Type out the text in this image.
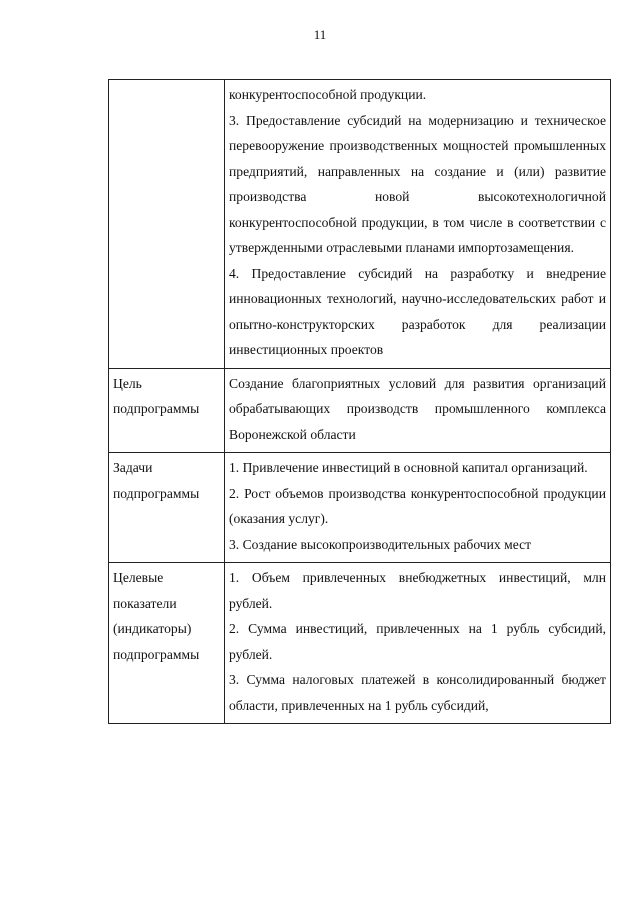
11

	конкурентоспособной продукции.

3. Предоставление субсидий на модернизацию и техническое перевооружение производственных мощностей промышленных предприятий, направленных на создание и (или) развитие производства новой высокотехнологичной конкурентоспособной продукции, в том числе в соответствии с утвержденными отраслевыми планами импортозамещения.

4. Предоставление субсидий на разработку и внедрение инновационных технологий, научно-исследовательских работ и опытно-конструкторских разработок для реализации инвестиционных проектов

Цель подпрограммы	Создание благоприятных условий для развития организаций обрабатывающих производств промышленного комплекса Воронежской области

Задачи подпрограммы	1. Привлечение инвестиций в основной капитал организаций.

2. Рост объемов производства конкурентоспособной продукции (оказания услуг).

3. Создание высокопроизводительных рабочих мест

Целевые показатели (индикаторы) подпрограммы	1. Объем привлеченных внебюджетных инвестиций, млн рублей.

2. Сумма инвестиций, привлеченных на 1 рубль субсидий, рублей.

3. Сумма налоговых платежей в консолидированный бюджет области, привлеченных на 1 рубль субсидий,
